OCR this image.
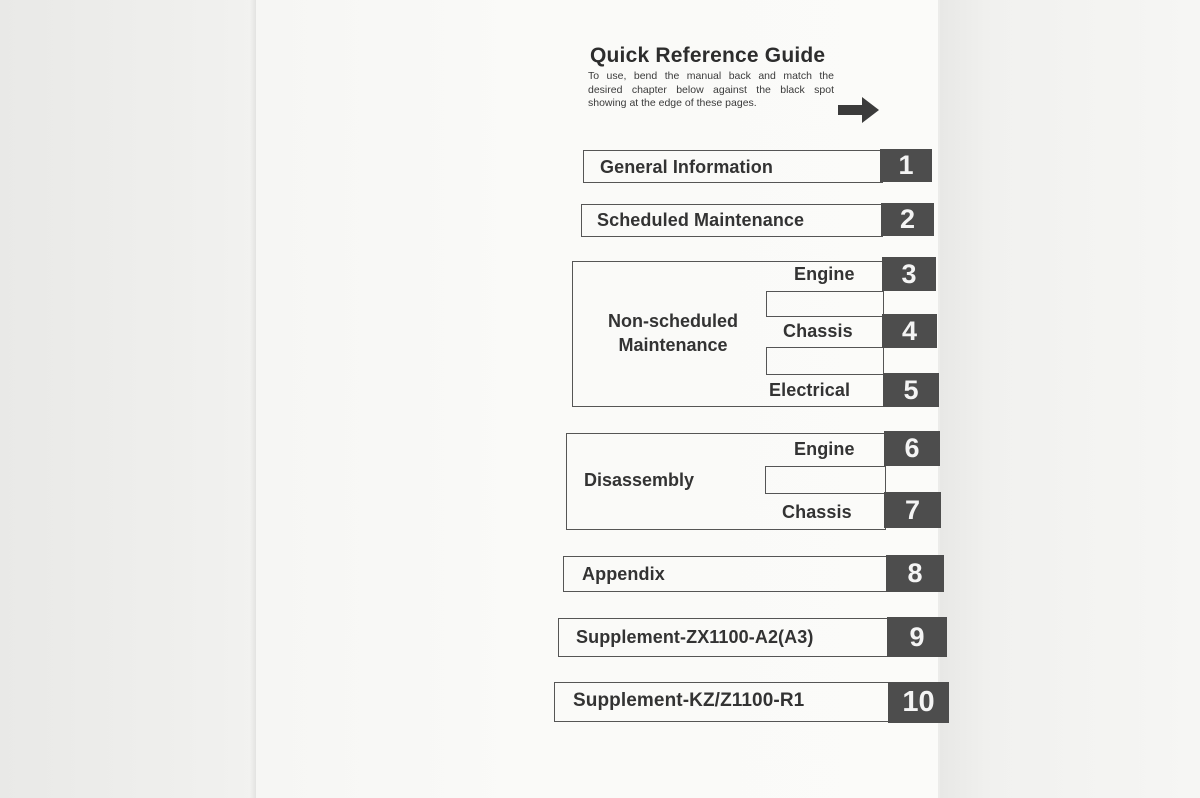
Quick Reference Guide
To use, bend the manual back and match the desired chapter below against the black spot showing at the edge of these pages.
General Information	1
Scheduled Maintenance	2
Non-scheduled
Maintenance
Engine	3
Chassis	4
Electrical	5
Disassembly
Engine	6
Chassis	7
Appendix	8
Supplement-ZX1100-A2(A3)	9
Supplement-KZ/Z1100-R1	10
